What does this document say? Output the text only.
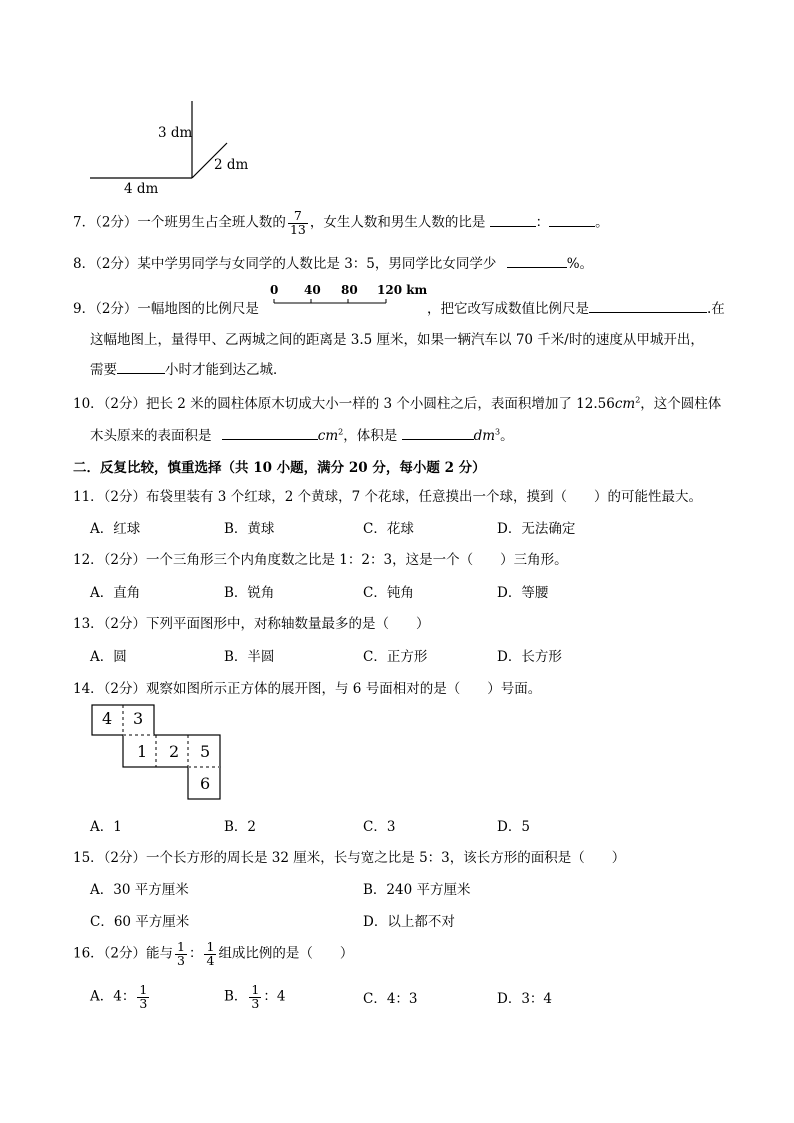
3 dm
2 dm
4 dm
7．（2分）一个班男生占全班人数的 $\frac{7}{13}$ ，女生人数和男生人数的比是	：	。
8．（2分）某中学男同学与女同学的人数比是 3：5，男同学比女同学少	%。
9．（2分）一幅地图的比例尺是
0 40 80 120 km
，把它改写成数值比例尺是	.在
这幅地图上，量得甲、乙两城之间的距离是 3.5 厘米，如果一辆汽车以 70 千米/时的速度从甲城开出，
需要	小时才能到达乙城．
10．（2分）把长 2 米的圆柱体原木切成大小一样的 3 个小圆柱之后，表面积增加了 $12.56cm^2$，这个圆柱体
木头原来的表面积是	$cm^2$，体积是	$dm^3$。
二．反复比较，慎重选择（共 10 小题，满分 20 分，每小题 2 分）
11．（2分）布袋里装有 3 个红球，2 个黄球，7 个花球，任意摸出一个球，摸到（　　）的可能性最大。
A．红球	B．黄球	C．花球	D．无法确定
12．（2分）一个三角形三个内角度数之比是 1：2：3，这是一个（　　）三角形。
A．直角	B．锐角	C．钝角	D．等腰
13．（2分）下列平面图形中，对称轴数量最多的是（　　）
A．圆	B．半圆	C．正方形	D．长方形
14．（2分）观察如图所示正方体的展开图，与 6 号面相对的是（　　）号面。
4 3
1 2 5
6
A．1	B．2	C．3	D．5
15．（2分）一个长方形的周长是 32 厘米，长与宽之比是 5：3，该长方形的面积是（　　）
A．30 平方厘米	B．240 平方厘米
C．60 平方厘米	D．以上都不对
16．（2分）能与 $\frac{1}{3}$ ： $\frac{1}{4}$ 组成比例的是（　　）
A．4： $\frac{1}{3}$	B． $\frac{1}{3}$ ：4	C．4：3	D．3：4
